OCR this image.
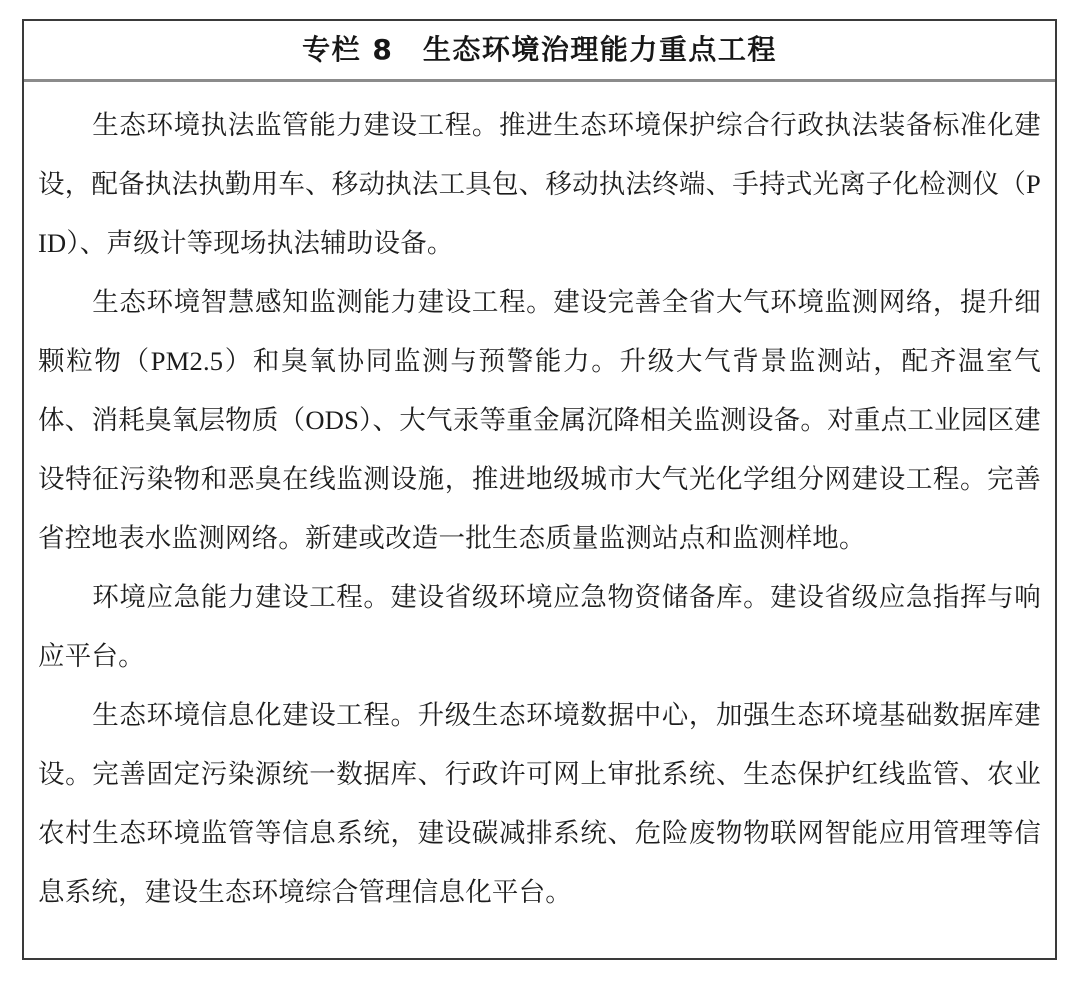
专栏 8　生态环境治理能力重点工程

　　生态环境执法监管能力建设工程。推进生态环境保护综合行政执法装备标准化建设，配备执法执勤用车、移动执法工具包、移动执法终端、手持式光离子化检测仪（PID）、声级计等现场执法辅助设备。

　　生态环境智慧感知监测能力建设工程。建设完善全省大气环境监测网络，提升细颗粒物（PM2.5）和臭氧协同监测与预警能力。升级大气背景监测站，配齐温室气体、消耗臭氧层物质（ODS）、大气汞等重金属沉降相关监测设备。对重点工业园区建设特征污染物和恶臭在线监测设施，推进地级城市大气光化学组分网建设工程。完善省控地表水监测网络。新建或改造一批生态质量监测站点和监测样地。

　　环境应急能力建设工程。建设省级环境应急物资储备库。建设省级应急指挥与响应平台。

　　生态环境信息化建设工程。升级生态环境数据中心，加强生态环境基础数据库建设。完善固定污染源统一数据库、行政许可网上审批系统、生态保护红线监管、农业农村生态环境监管等信息系统，建设碳减排系统、危险废物物联网智能应用管理等信息系统，建设生态环境综合管理信息化平台。
